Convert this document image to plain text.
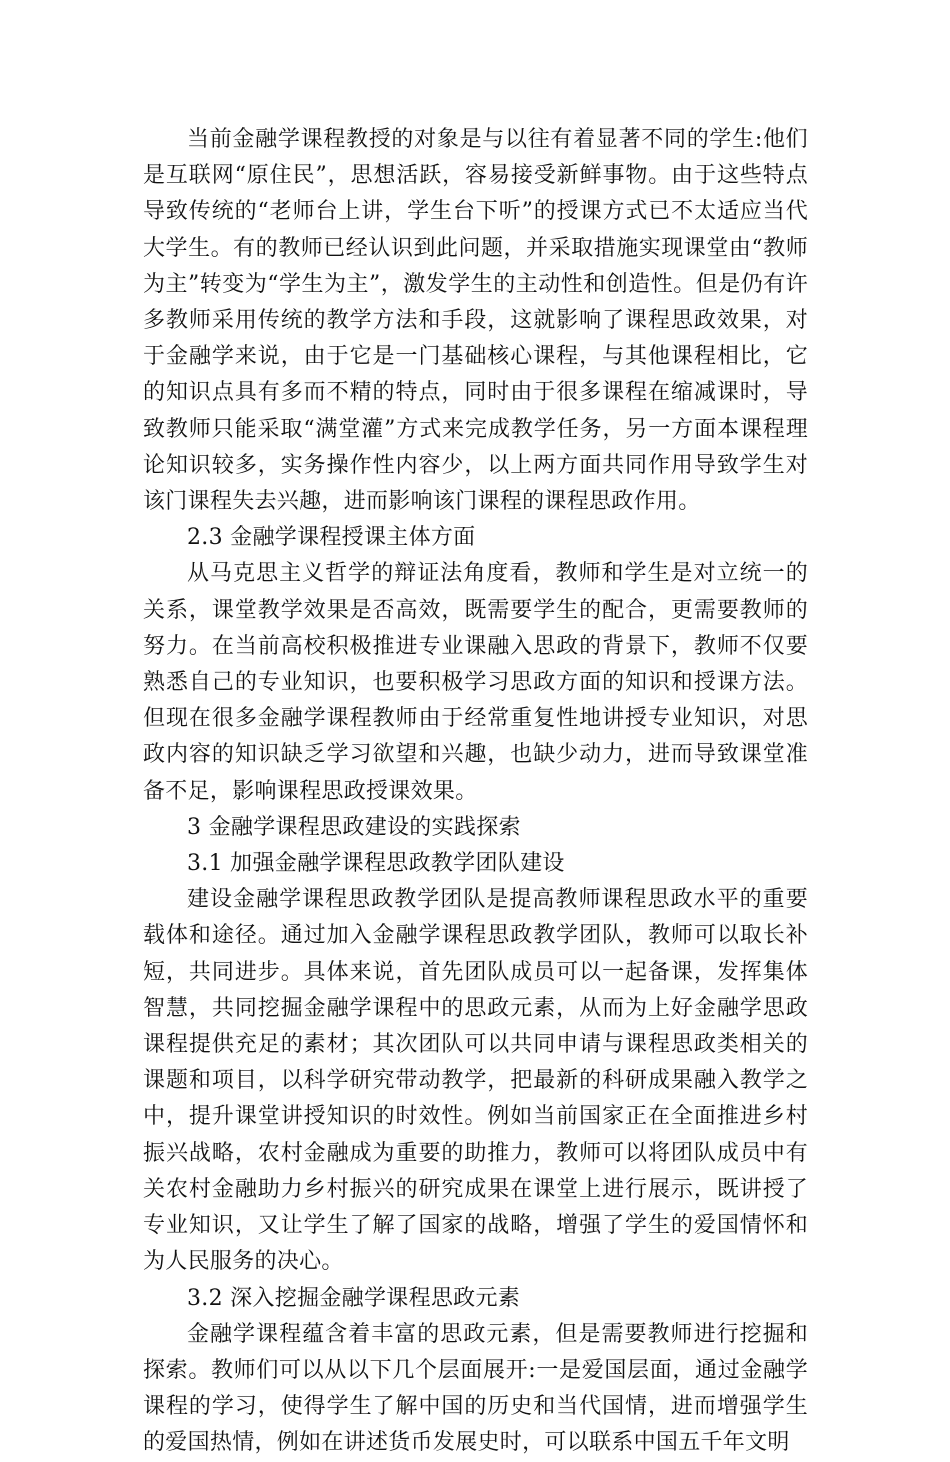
当前金融学课程教授的对象是与以往有着显著不同的学生:他们是互联网“原住民”，思想活跃，容易接受新鲜事物。由于这些特点导致传统的“老师台上讲，学生台下听”的授课方式已不太适应当代大学生。有的教师已经认识到此问题，并采取措施实现课堂由“教师为主”转变为“学生为主”，激发学生的主动性和创造性。但是仍有许多教师采用传统的教学方法和手段，这就影响了课程思政效果，对于金融学来说，由于它是一门基础核心课程，与其他课程相比，它的知识点具有多而不精的特点，同时由于很多课程在缩减课时，导致教师只能采取“满堂灌”方式来完成教学任务，另一方面本课程理论知识较多，实务操作性内容少，以上两方面共同作用导致学生对该门课程失去兴趣，进而影响该门课程的课程思政作用。

2.3 金融学课程授课主体方面

从马克思主义哲学的辩证法角度看，教师和学生是对立统一的关系，课堂教学效果是否高效，既需要学生的配合，更需要教师的努力。在当前高校积极推进专业课融入思政的背景下，教师不仅要熟悉自己的专业知识，也要积极学习思政方面的知识和授课方法。但现在很多金融学课程教师由于经常重复性地讲授专业知识，对思政内容的知识缺乏学习欲望和兴趣，也缺少动力，进而导致课堂准备不足，影响课程思政授课效果。

3 金融学课程思政建设的实践探索

3.1 加强金融学课程思政教学团队建设

建设金融学课程思政教学团队是提高教师课程思政水平的重要载体和途径。通过加入金融学课程思政教学团队，教师可以取长补短，共同进步。具体来说，首先团队成员可以一起备课，发挥集体智慧，共同挖掘金融学课程中的思政元素，从而为上好金融学思政课程提供充足的素材；其次团队可以共同申请与课程思政类相关的课题和项目，以科学研究带动教学，把最新的科研成果融入教学之中，提升课堂讲授知识的时效性。例如当前国家正在全面推进乡村振兴战略，农村金融成为重要的助推力，教师可以将团队成员中有关农村金融助力乡村振兴的研究成果在课堂上进行展示，既讲授了专业知识，又让学生了解了国家的战略，增强了学生的爱国情怀和为人民服务的决心。

3.2 深入挖掘金融学课程思政元素

金融学课程蕴含着丰富的思政元素，但是需要教师进行挖掘和探索。教师们可以从以下几个层面展开:一是爱国层面，通过金融学课程的学习，使得学生了解中国的历史和当代国情，进而增强学生的爱国热情，例如在讲述货币发展史时，可以联系中国五千年文明
